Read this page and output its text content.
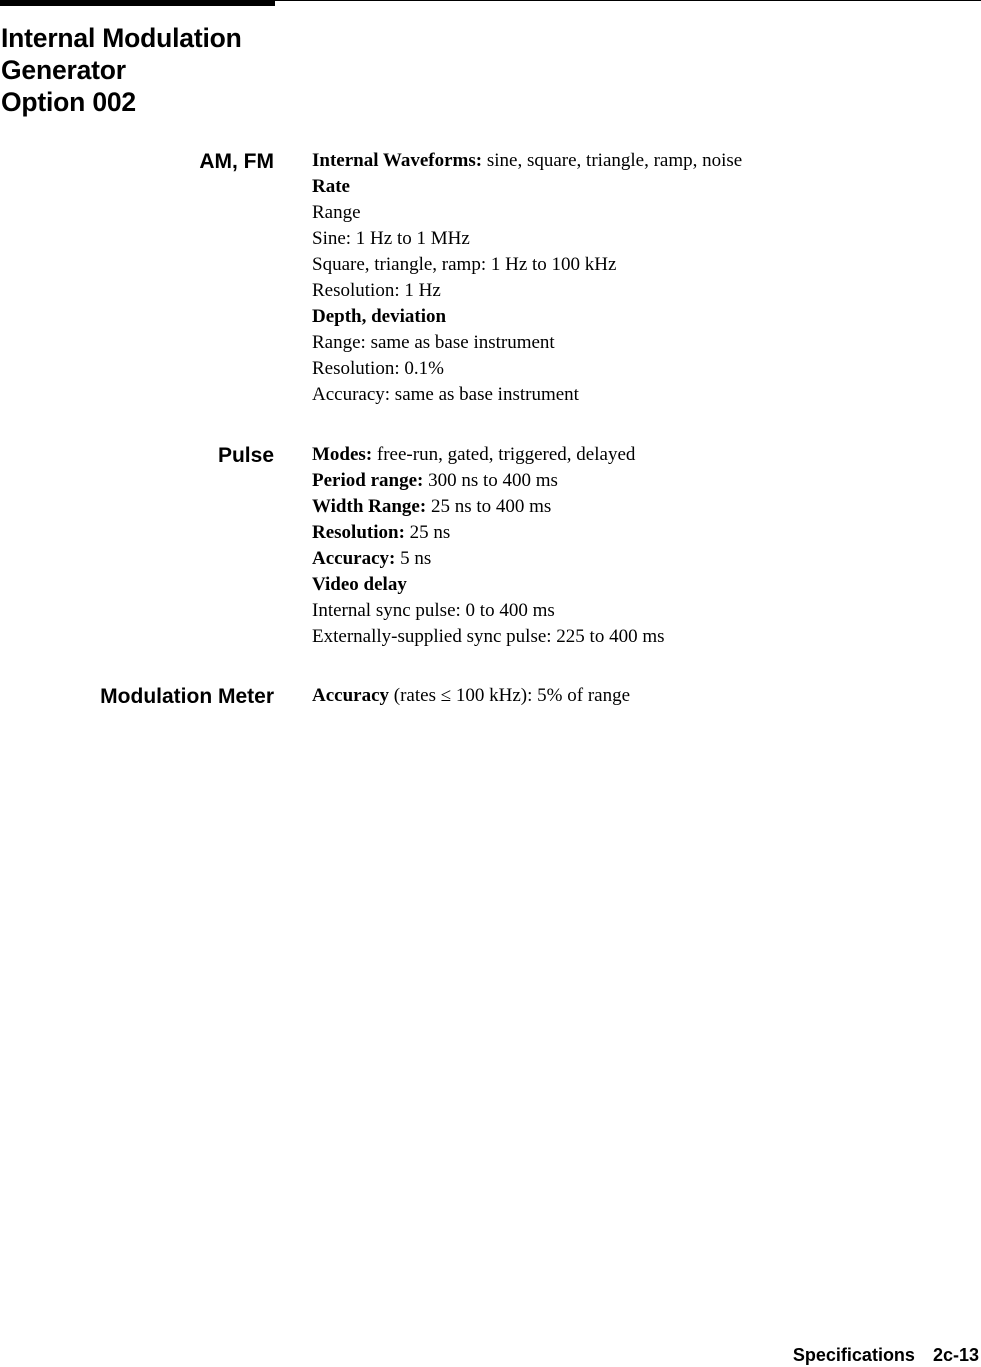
Internal Modulation
Generator
Option 002
AM, FM Internal Waveforms: sine, square, triangle, ramp, noise
Rate
Range
Sine: 1 Hz to 1 MHz
Square, triangle, ramp: 1 Hz to 100 kHz
Resolution: 1 Hz
Depth, deviation
Range: same as base instrument
Resolution: 0.1%
Accuracy: same as base instrument
Pulse Modes: free-run, gated, triggered, delayed
Period range: 300 ns to 400 ms
Width Range: 25 ns to 400 ms
Resolution: 25 ns
Accuracy: 5 ns
Video delay
Internal sync pulse: 0 to 400 ms
Externally-supplied sync pulse: 225 to 400 ms
Modulation Meter Accuracy (rates ≤ 100 kHz): 5% of range
Specifications 2c-13
